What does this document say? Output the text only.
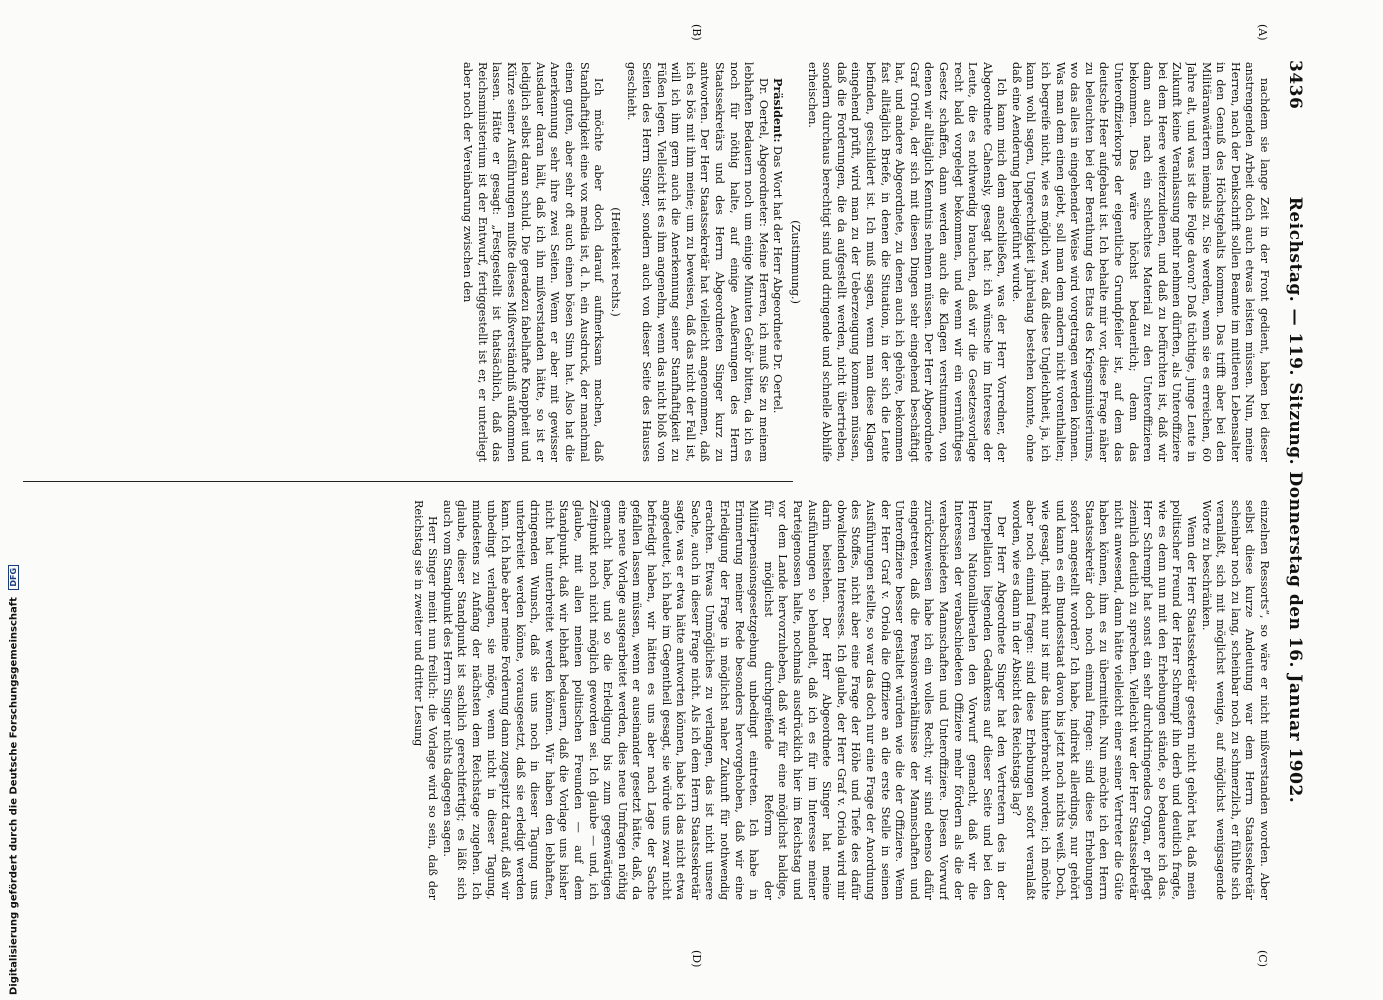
3436
Reichstag. — 119. Sitzung. Donnerstag den 16. Januar 1902.
(A)
(B)
(C)
(D)

nachdem sie lange Zeit in der Front gedient, haben bei dieser anstrengenden Arbeit doch auch etwas leisten müssen. Nun, meine Herren, nach der Denkschrift sollen Beamte im mittleren Lebensalter in den Genuß des Höchstgehalts kommen. Das trifft aber bei den Militäranwärtern niemals zu. Sie werden, wenn sie es erreichen, 60 Jahre alt, und was ist die Folge davon? Daß tüchtige, junge Leute in Zukunft keine Veranlassung mehr nehmen dürften, als Unteroffiziere bei dem Heere weiterzudienen, und daß zu befürchten ist, daß wir dann auch nach ein schlechtes Material zu den Unteroffizieren bekommen. Das wäre höchst bedauerlich; denn das Unteroffizierkorps der eigentliche Grundpfeiler ist, auf dem das deutsche Heer aufgebaut ist. Ich behalte mir vor, diese Frage näher zu beleuchten bei der Berathung des Etats des Kriegsministeriums, wo das alles in eingehender Weise wird vorgetragen werden können. Was man dem einen giebt, soll man dem andern nicht vorenthalten; ich begreife nicht, wie es möglich war, daß diese Ungleichheit, ja, ich kann wohl sagen, Ungerechtigkeit jahrelang bestehen konnte, ohne daß eine Aenderung herbeigeführt wurde.

Ich kann mich dem anschließen, was der Herr Vorredner, der Abgeordnete Cahensly, gesagt hat: ich wünsche im Interesse der Leute, die es nothwendig brauchen, daß wir die Gesetzesvorlage recht bald vorgelegt bekommen, und wenn wir ein vernünftiges Gesetz schaffen, dann werden auch die Klagen verstummen, von denen wir alltäglich Kenntnis nehmen müssen. Der Herr Abgeordnete Graf Oriola, der sich mit diesen Dingen sehr eingehend beschäftigt hat, und andere Abgeordnete, zu denen auch ich gehöre, bekommen fast alltäglich Briefe, in denen die Situation, in der sich die Leute befinden, geschildert ist. Ich muß sagen, wenn man diese Klagen eingehend prüft, wird man zu der Ueberzeugung kommen müssen, daß die Forderungen, die da aufgestellt werden, nicht übertrieben, sondern durchaus berechtigt sind und dringende und schnelle Abhilfe erheischen.

(Zustimmung.)

Präsident: Das Wort hat der Herr Abgeordnete Dr. Oertel.

Dr. Oertel, Abgeordneter: Meine Herren, ich muß Sie zu meinem lebhaften Bedauern noch um einige Minuten Gehör bitten, da ich es noch für nöthig halte, auf einige Aeußerungen des Herrn Staatssekretärs und des Herrn Abgeordneten Singer kurz zu antworten. Der Herr Staatssekretär hat vielleicht angenommen, daß ich es bös mit ihm meine; um zu beweisen, daß das nicht der Fall ist, will ich ihm gern auch die Anerkennung seiner Stanfhaftigkeit zu Füßen legen. Vielleicht ist es ihm angenehm, wenn das nicht bloß von Seiten des Herrn Singer, sondern auch von dieser Seite des Hauses geschieht.

(Heiterkeit rechts.)

Ich möchte aber doch darauf aufmerksam machen, daß Standhaftigkeit eine vox media ist, d. h. ein Ausdruck, der manchmal einen guten, aber sehr oft auch einen bösen Sinn hat. Also hat die Anerkennung sehr ihre zwei Seiten. Wenn er aber mit gewisser Ausdauer daran hält, daß ich ihn mißverstanden hätte, so ist er lediglich selbst daran schuld. Die geradezu fabelhafte Knappheit und Kürze seiner Ausführungen mußte dieses Mißverständniß aufkommen lassen. Hätte er gesagt: „Festgestellt ist thatsächlich, daß das Reichsministerium ist der Entwurf, fertiggestellt ist er, er unterliegt aber noch der Vereinbarung zwischen den

einzelnen Ressorts“, so wäre er nicht mißverstanden worden. Aber selbst diese kurze Andeutung war dem Herrn Staatssekretär scheinbar noch zu lang, scheinbar noch zu schmerzlich, er fühlte sich veranlaßt, sich mit möglichst wenige, auf möglichst wenigsagende Worte zu beschränken.

Wenn der Herr Staatssekretär gestern nicht gehört hat, daß mein politischer Freund der Herr Schrempf ihn derb und deutlich fragte, wie es denn nun mit den Erhebungen stände, so bedauere ich das. Herr Schrempf hat sonst ein sehr durchdringendes Organ, er pflegt ziemlich deutlich zu sprechen. Vielleicht war der Herr Staatssekretär nicht anwesend, dann hätte vielleicht einer seiner Vertreter die Güte haben können, ihm es zu übermitteln. Nun möchte ich den Herrn Staatssekretär doch noch einmal fragen: sind diese Erhebungen sofort angestellt worden? Ich habe, indirekt allerdings, nur gehört und kann es ein Bundesstaat davon bis jetzt noch nichts weiß. Doch, wie gesagt, indirekt nur ist mir das hinterbracht worden; ich möchte aber noch einmal fragen: sind diese Erhebungen sofort veranlaßt worden, wie es dann in der Absicht des Reichstags lag?

Der Herr Abgeordnete Singer hat den Vertretern des in der Interpellation liegenden Gedankens auf dieser Seite und bei den Herren Nationalliberalen den Vorwurf gemacht, daß wir die Interessen der verabschiedeten Offiziere mehr fördern als die der verabschiedeten Mannschaften und Unteroffiziere. Diesen Vorwurf zurückzuweisen habe ich ein volles Recht; wir sind ebenso dafür eingetreten, daß die Pensionsverhältnisse der Mannschaften und Unteroffiziere besser gestaltet würden wie die der Offiziere. Wenn der Herr Graf v. Oriola die Offiziere an die erste Stelle in seinen Ausführungen stellte, so war das doch nur eine Frage der Anordnung des Stoffes, nicht aber eine Frage der Höhe und Tiefe des dafür obwaltenden Interesses. Ich glaube, der Herr Graf v. Oriola wird mir darin beistehen. Der Herr Abgeordnete Singer hat meine Ausführungen so behandelt, daß ich es für im Interesse meiner Parteigenossen halte, nochmals ausdrücklich hier im Reichstag und vor dem Lande hervorzuheben, daß wir für eine möglichst baldige, für möglichst durchgreifende Reform der Militärpensionsgesetzgebung unbedingt eintreten. Ich habe in Erinnerung meiner Rede besonders hervorgehoben, daß wir eine Erledigung der Frage in möglichst naher Zukunft für nothwendig erachten. Etwas Unmögliches zu verlangen, das ist nicht unsere Sache, auch in dieser Frage nicht. Als ich dem Herrn Staatssekretär sagte, was er etwa hätte antworten können, habe ich das nicht etwa angedeutet, ich habe im Gegentheil gesagt, sie würde uns zwar nicht befriedigt haben, wir hätten es uns aber nach Lage der Sache gefallen lassen müssen, wenn er auseinander gesetzt hätte, daß, da eine neue Vorlage ausgearbeitet werden, dies neue Umfragen nöthig gemacht habe, und so die Erledigung bis zum gegenwärtigen Zeitpunkt noch nicht möglich geworden sei. Ich glaube — und, ich glaube, mit allen meinen politischen Freunden — auf dem Standpunkt, daß wir lebhaft bedauern, daß die Vorlage uns bisher nicht hat unterbreitet werden können. Wir haben den lebhaften, dringenden Wunsch, daß sie uns noch in dieser Tagung uns unterbreitet werden könne, vorausgesetzt, daß sie erledigt werden kann. Ich habe aber meine Forderung dann zugespitzt darauf, daß wir unbedingt verlangen, sie möge, wenn nicht in dieser Tagung, mindestens zu Anfang der nächsten dem Reichstage zugehen. Ich glaube, dieser Standpunkt ist sachlich gerechtfertigt; es läßt sich auch vom Standpunkt des Herrn Singer nichts dagegen sagen.

Herr Singer meint nun freilich: die Vorlage wird so sein, daß der Reichstag sie in zweiter und dritter Lesung

Digitalisierung gefördert durch die Deutsche Forschungsgemeinschaft DFG
